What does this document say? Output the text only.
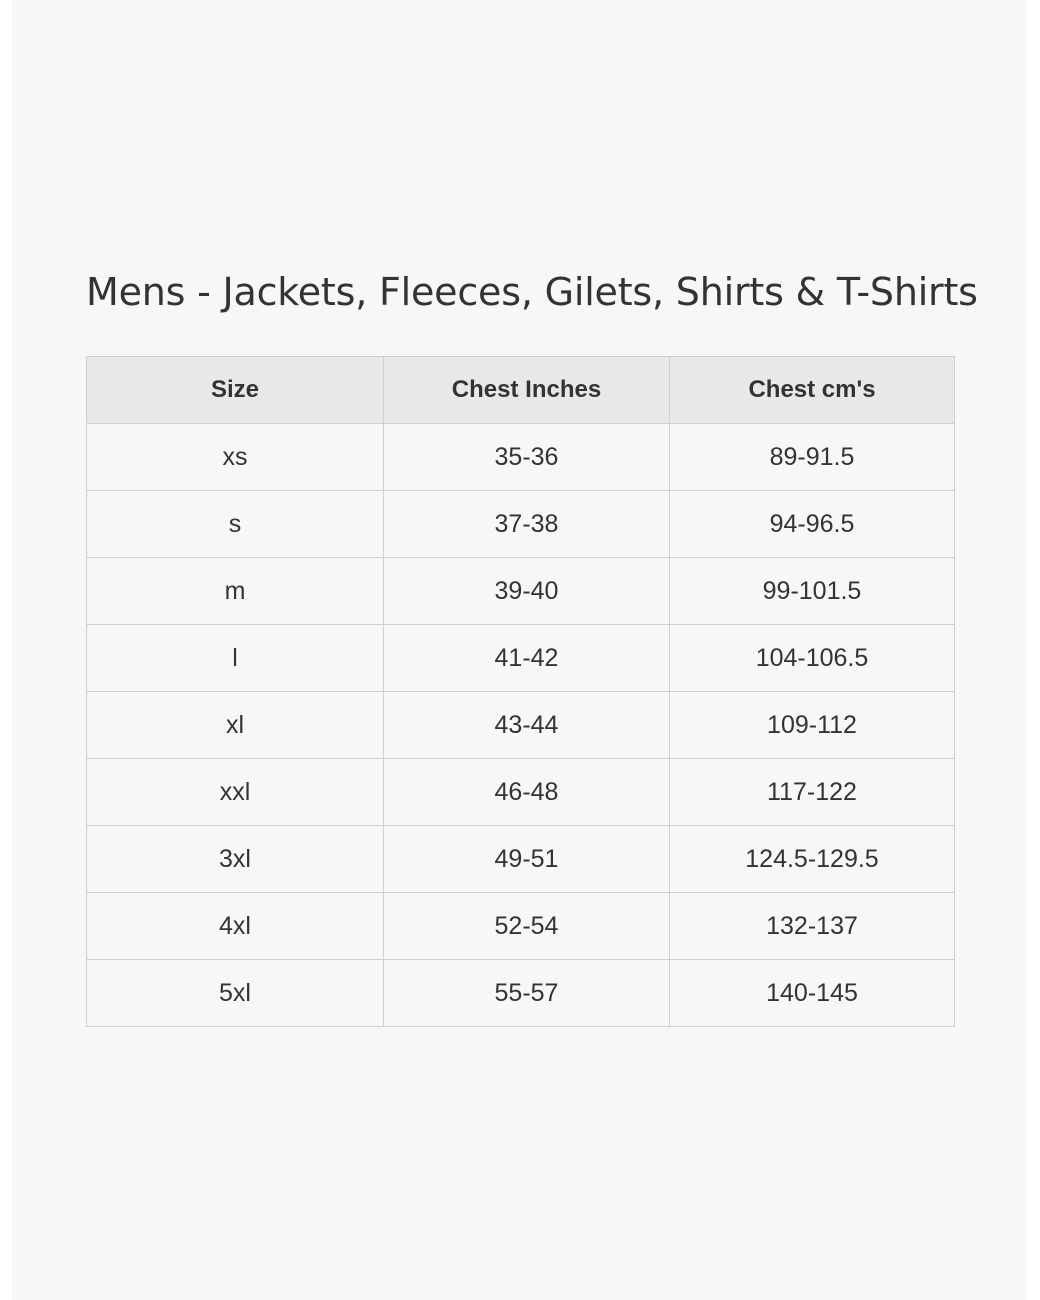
Mens - Jackets, Fleeces, Gilets, Shirts & T-Shirts
Size	Chest Inches	Chest cm's
xs	35-36	89-91.5
s	37-38	94-96.5
m	39-40	99-101.5
l	41-42	104-106.5
xl	43-44	109-112
xxl	46-48	117-122
3xl	49-51	124.5-129.5
4xl	52-54	132-137
5xl	55-57	140-145
